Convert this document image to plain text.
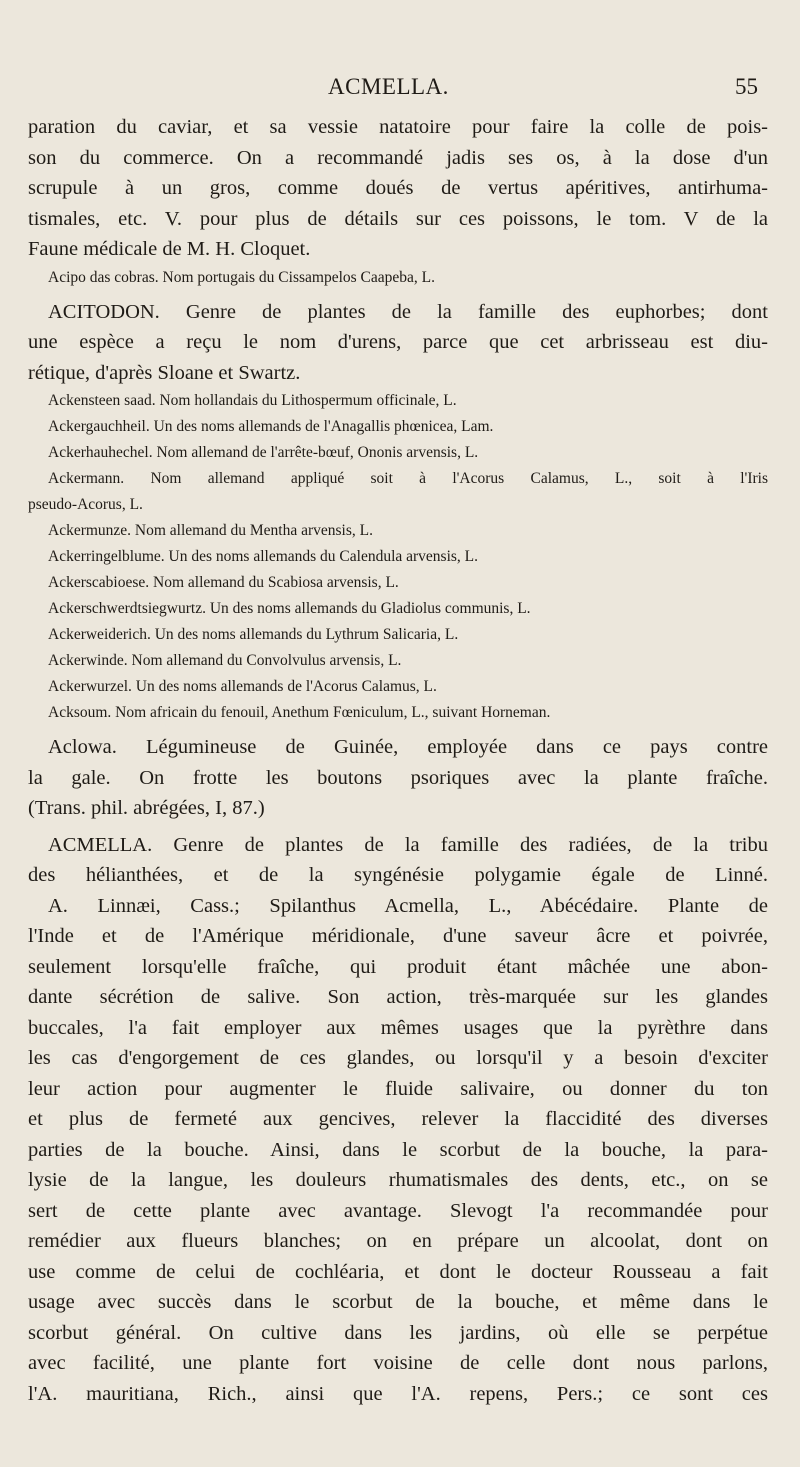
ACMELLA.	55
paration du caviar, et sa vessie natatoire pour faire la colle de pois-
son du commerce. On a recommandé jadis ses os, à la dose d'un
scrupule à un gros, comme doués de vertus apéritives, antirhuma-
tismales, etc. V. pour plus de détails sur ces poissons, le tom. V de la
Faune médicale de M. H. Cloquet.
Acipo das cobras. Nom portugais du Cissampelos Caapeba, L.
ACITODON. Genre de plantes de la famille des euphorbes; dont
une espèce a reçu le nom d'urens, parce que cet arbrisseau est diu-
rétique, d'après Sloane et Swartz.
Ackensteen saad. Nom hollandais du Lithospermum officinale, L.
Ackergauchheil. Un des noms allemands de l'Anagallis phœnicea, Lam.
Ackerhauhechel. Nom allemand de l'arrête-bœuf, Ononis arvensis, L.
Ackermann. Nom allemand appliqué soit à l'Acorus Calamus, L., soit à l'Iris
pseudo-Acorus, L.
Ackermunze. Nom allemand du Mentha arvensis, L.
Ackerringelblume. Un des noms allemands du Calendula arvensis, L.
Ackerscabioese. Nom allemand du Scabiosa arvensis, L.
Ackerschwerdtsiegwurtz. Un des noms allemands du Gladiolus communis, L.
Ackerweiderich. Un des noms allemands du Lythrum Salicaria, L.
Ackerwinde. Nom allemand du Convolvulus arvensis, L.
Ackerwurzel. Un des noms allemands de l'Acorus Calamus, L.
Acksoum. Nom africain du fenouil, Anethum Fœniculum, L., suivant Horneman.
Aclowa. Légumineuse de Guinée, employée dans ce pays contre
la gale. On frotte les boutons psoriques avec la plante fraîche.
(Trans. phil. abrégées, I, 87.)
ACMELLA. Genre de plantes de la famille des radiées, de la tribu
des hélianthées, et de la syngénésie polygamie égale de Linné.
A. Linnæi, Cass.; Spilanthus Acmella, L., Abécédaire. Plante de
l'Inde et de l'Amérique méridionale, d'une saveur âcre et poivrée,
seulement lorsqu'elle fraîche, qui produit étant mâchée une abon-
dante sécrétion de salive. Son action, très-marquée sur les glandes
buccales, l'a fait employer aux mêmes usages que la pyrèthre dans
les cas d'engorgement de ces glandes, ou lorsqu'il y a besoin d'exciter
leur action pour augmenter le fluide salivaire, ou donner du ton
et plus de fermeté aux gencives, relever la flaccidité des diverses
parties de la bouche. Ainsi, dans le scorbut de la bouche, la para-
lysie de la langue, les douleurs rhumatismales des dents, etc., on se
sert de cette plante avec avantage. Slevogt l'a recommandée pour
remédier aux flueurs blanches; on en prépare un alcoolat, dont on
use comme de celui de cochléaria, et dont le docteur Rousseau a fait
usage avec succès dans le scorbut de la bouche, et même dans le
scorbut général. On cultive dans les jardins, où elle se perpétue
avec facilité, une plante fort voisine de celle dont nous parlons,
l'A. mauritiana, Rich., ainsi que l'A. repens, Pers.; ce sont ces
